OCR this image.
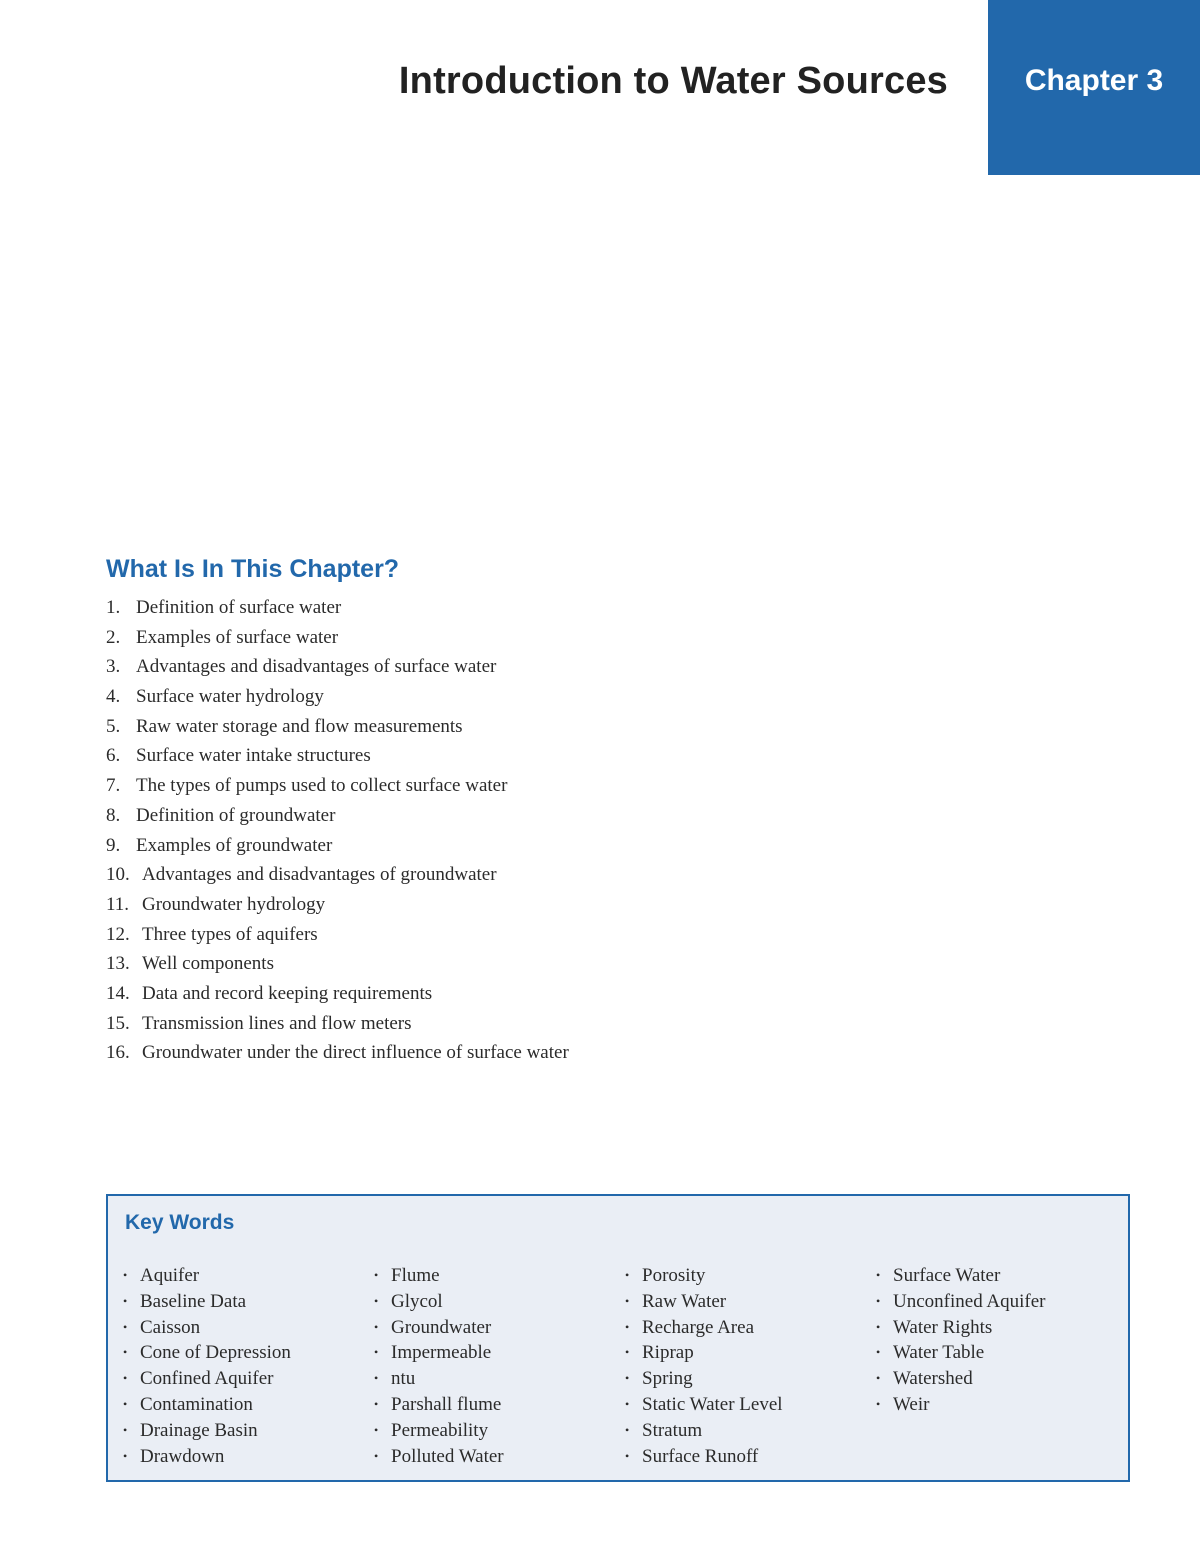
Introduction to Water Sources	Chapter 3
What Is In This Chapter?
1. Definition of surface water
2. Examples of surface water
3. Advantages and disadvantages of surface water
4. Surface water hydrology
5. Raw water storage and flow measurements
6. Surface water intake structures
7. The types of pumps used to collect surface water
8. Definition of groundwater
9. Examples of groundwater
10. Advantages and disadvantages of groundwater
11. Groundwater hydrology
12. Three types of aquifers
13. Well components
14. Data and record keeping requirements
15. Transmission lines and flow meters
16. Groundwater under the direct influence of surface water
Key Words
• Aquifer
• Baseline Data
• Caisson
• Cone of Depression
• Confined Aquifer
• Contamination
• Drainage Basin
• Drawdown
• Flume
• Glycol
• Groundwater
• Impermeable
• ntu
• Parshall flume
• Permeability
• Polluted Water
• Porosity
• Raw Water
• Recharge Area
• Riprap
• Spring
• Static Water Level
• Stratum
• Surface Runoff
• Surface Water
• Unconfined Aquifer
• Water Rights
• Water Table
• Watershed
• Weir
